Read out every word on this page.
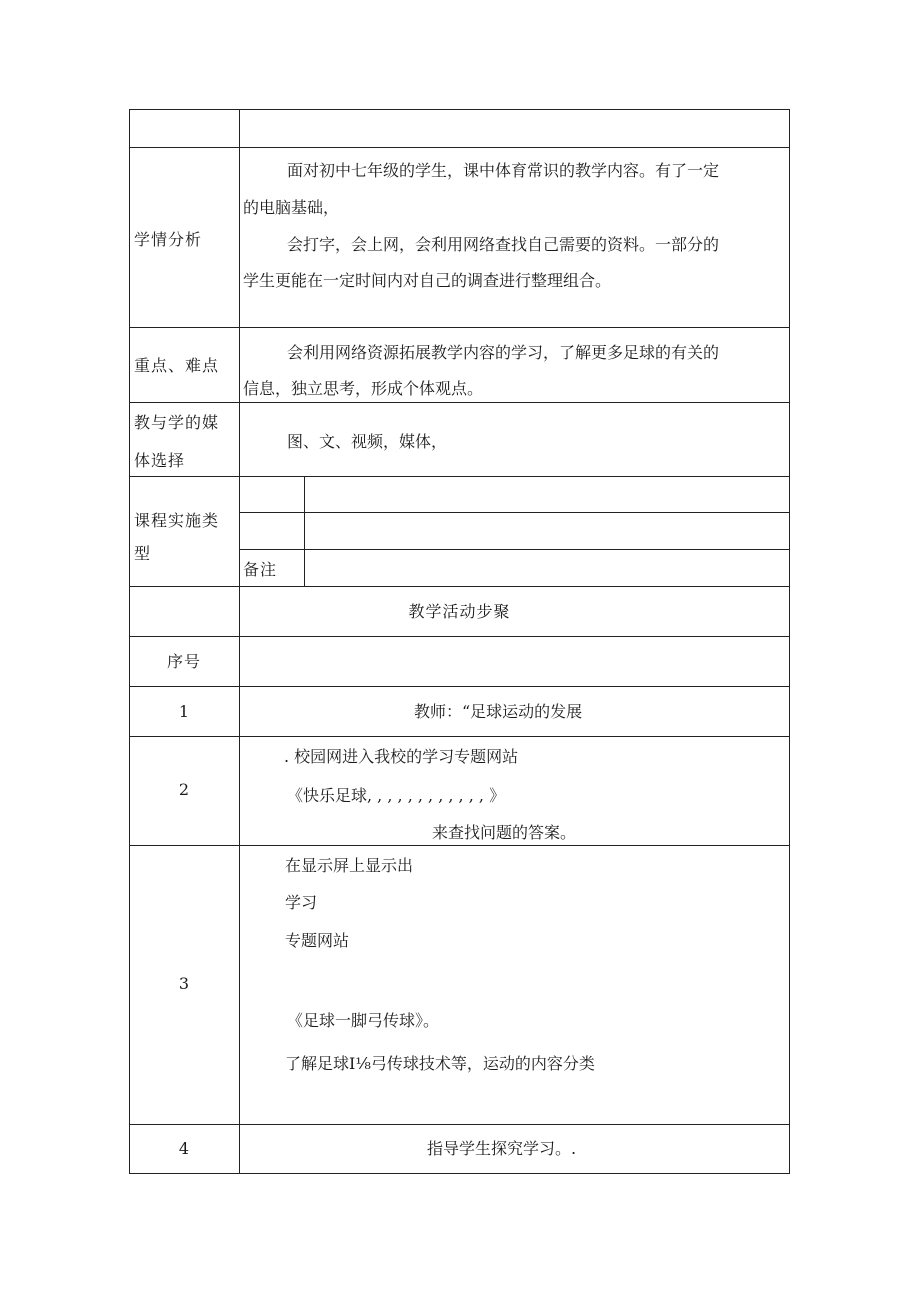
学情分析
面对初中七年级的学生，课中体育常识的教学内容。有了一定
的电脑基础，
会打字，会上网，会利用网络查找自己需要的资料。一部分的
学生更能在一定时间内对自己的调查进行整理组合。
重点、难点
会利用网络资源拓展教学内容的学习，了解更多足球的有关的
信息，独立思考，形成个体观点。
教与学的媒
体选择
图、文、视频，媒体，
课程实施类
型
备注
教学活动步聚
序号
1	教师：“足球运动的发展
2
. 校园网进入我校的学习专题网站
《快乐足球, , , , , , , , , , , , 》
来查找问题的答案。
3
在显示屏上显示出
学习
专题网站
《足球一脚弓传球》。
了解足球Ⅰ⅛弓传球技术等，运动的内容分类
4	指导学生探究学习。.
